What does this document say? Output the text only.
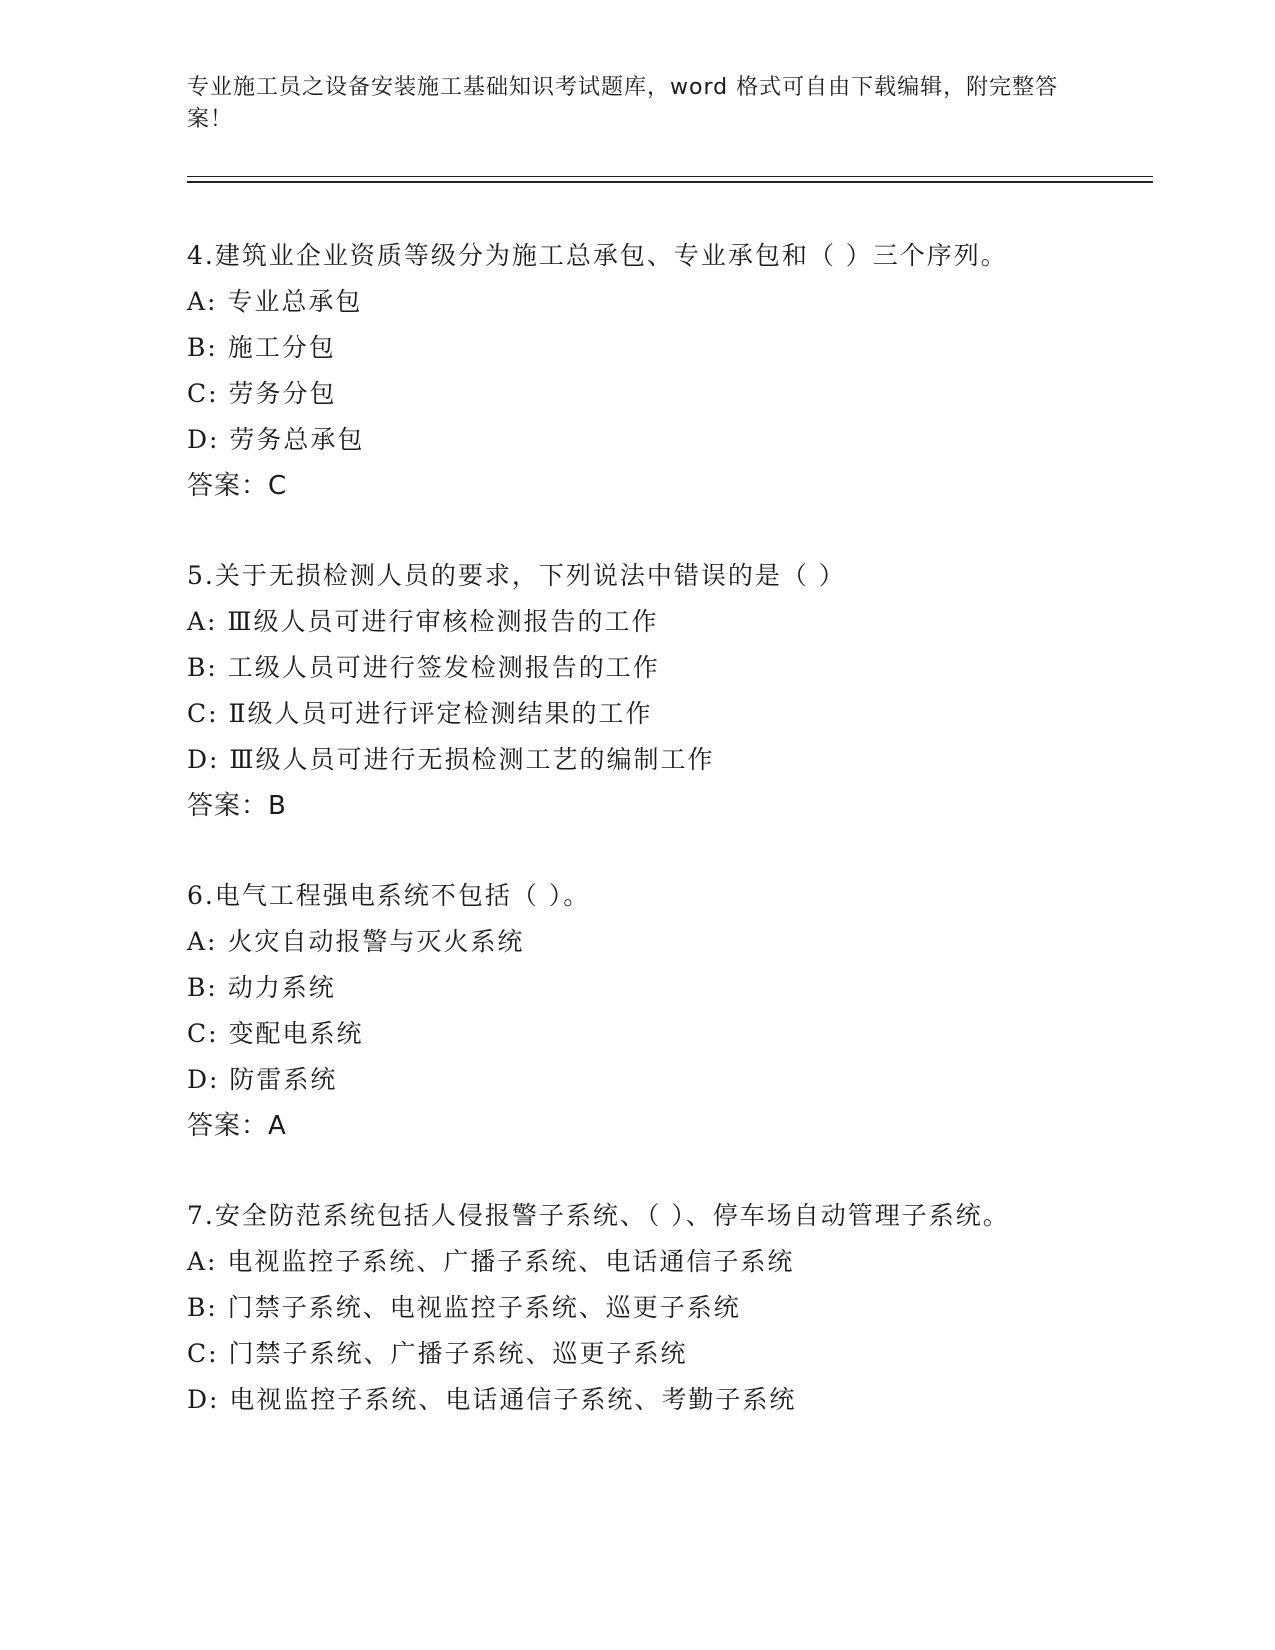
专业施工员之设备安装施工基础知识考试题库，word 格式可自由下载编辑，附完整答案！
4.建筑业企业资质等级分为施工总承包、专业承包和（ ）三个序列。
A: 专业总承包
B: 施工分包
C: 劳务分包
D: 劳务总承包
答案：C
5.关于无损检测人员的要求，下列说法中错误的是（ ）
A: Ⅲ级人员可进行审核检测报告的工作
B: 工级人员可进行签发检测报告的工作
C: Ⅱ级人员可进行评定检测结果的工作
D: Ⅲ级人员可进行无损检测工艺的编制工作
答案：B
6.电气工程强电系统不包括（ ）。
A: 火灾自动报警与灭火系统
B: 动力系统
C: 变配电系统
D: 防雷系统
答案：A
7.安全防范系统包括人侵报警子系统、（ ）、停车场自动管理子系统。
A: 电视监控子系统、广播子系统、电话通信子系统
B: 门禁子系统、电视监控子系统、巡更子系统
C: 门禁子系统、广播子系统、巡更子系统
D: 电视监控子系统、电话通信子系统、考勤子系统
